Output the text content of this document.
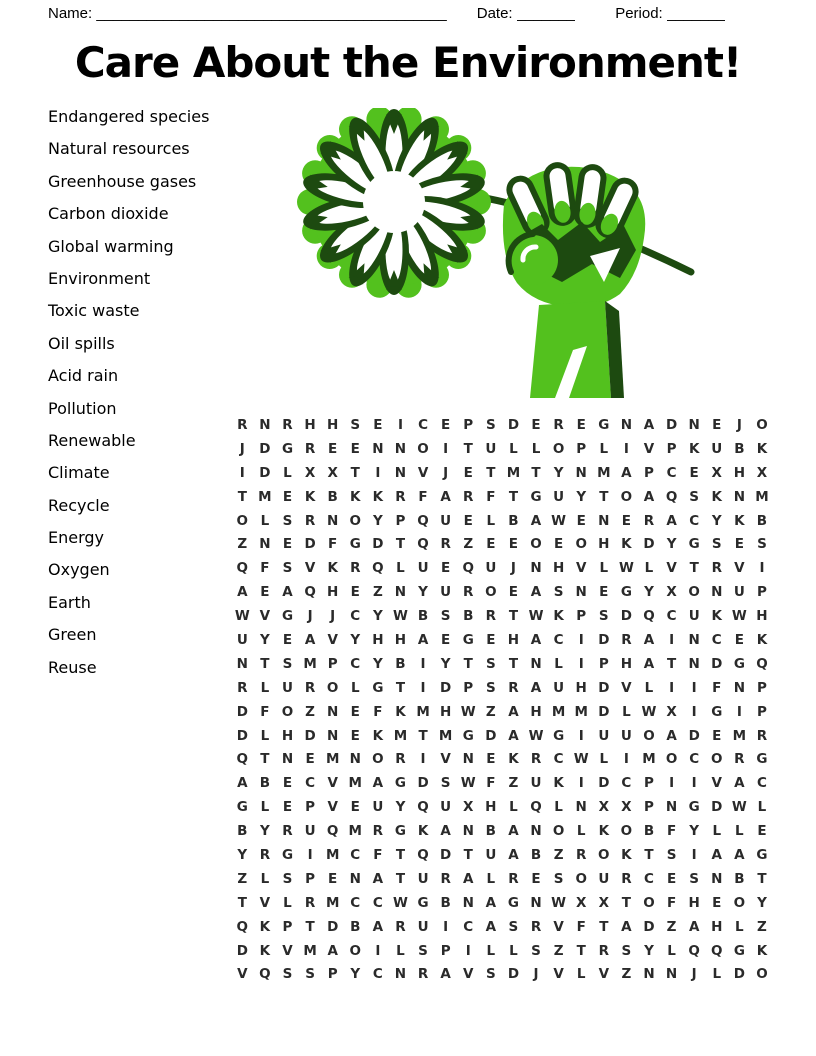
Name:
__________________________________________ Date:
_______	Period:
_______
Care About the Environment!
Endangered species
Natural resources
Greenhouse gases
Carbon dioxide
Global warming
Environment
Toxic waste
Oil spills
Acid rain
Pollution
Renewable
Climate
Recycle
Energy
Oxygen
Earth
Green
Reuse
R N R H H S E	I	C E P S D E R E G N A D N E	J	O
J	D G R E E N N O	I	T U L	L O P L	I	V P K U B K
I	D L X X T	I	N V	J	E T M T Y N M A P C E X H X
T M E K B K K R F A R F T G U Y T O A Q S K N M
O L S R N O Y P Q U E	L B A W E N E R A C Y K B
Z N E D F G D T Q R Z E E O E O H K D Y G S E S
Q F S V K R Q L U E Q U	J	N H V L W L V T R V	I
A E A Q H E Z N Y U R O E A S N E G Y X O N U P
W V G	J	J	C Y W B S B R T W K P S D Q C U K W H
U Y E A V Y H H A E G E H A C	I	D R A	I	N C E K
N T S M P C Y B	I	Y T S T N L	I	P H A T N D G Q
R L U R O L G T	I	D P S R A U H D V L	I	I	F N P
D F O Z N E F K M H W Z A H M M D L W X	I	G	I	P
D L H D N E K M T M G D A W G	I	U U O A D E M R
Q T N E M N O R	I	V N E K R C W L	I M O C O R G
A B E C V M A G D S W F Z U K	I	D C P	I	I	V A C
G L	E P V E U Y Q U X H L Q L N X X P N G D W L
B Y R U Q M R G K A N B A N O L K O B F Y L	L	E
Y R G	I M C F T Q D T U A B Z R O K T S	I	A A G
Z L S P E N A T U R A L R E S O U R C E S N B T
T V L R M C C W G B N A G N W X X T O F H E O Y
Q K P T D B A R U	I	C A S R V F T A D Z A H L Z
D K V M A O	I	L S P	I	L	L S Z T R S Y L Q Q G K
V Q S S P Y C N R A V S D	J	V L V Z N N	J	L D O
